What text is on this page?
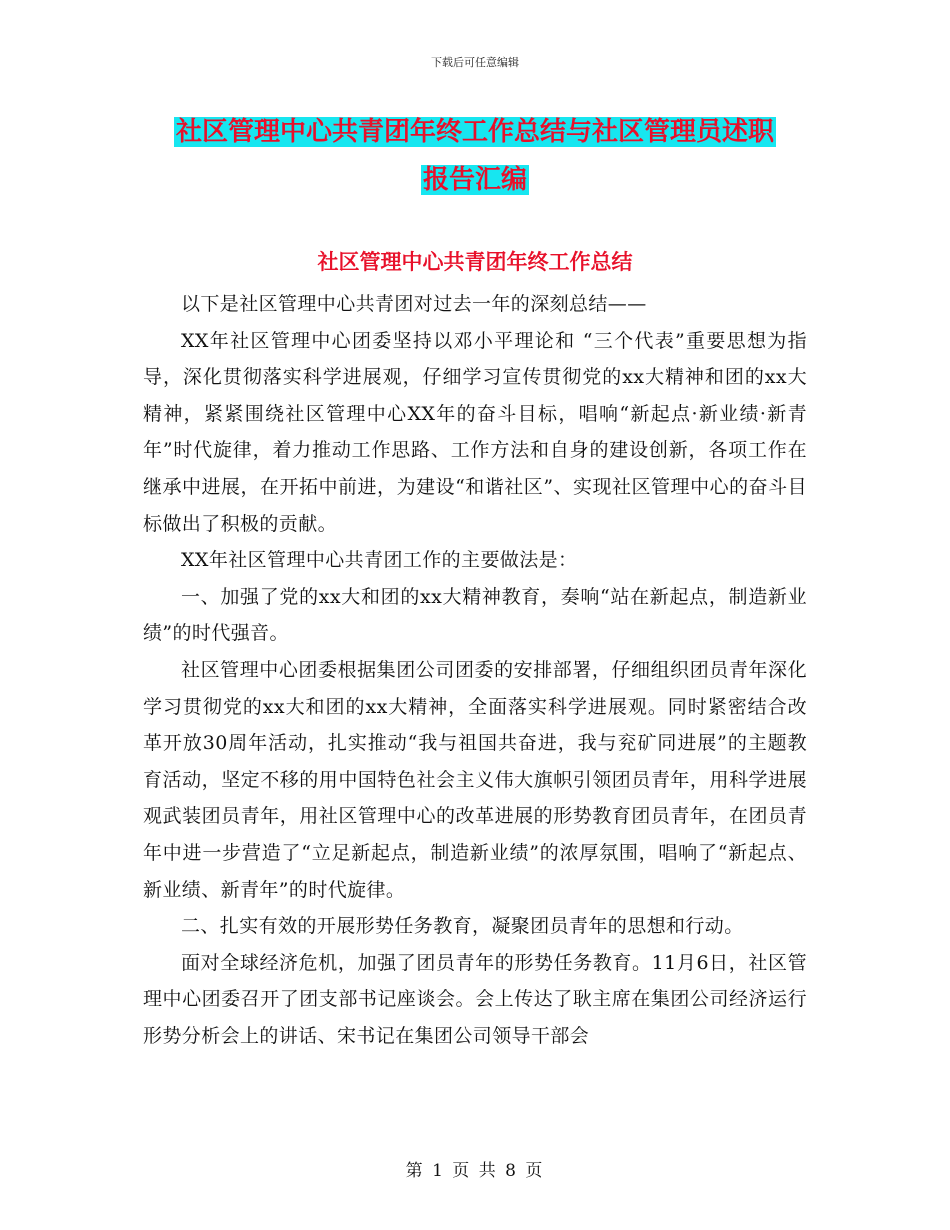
下载后可任意编辑
社区管理中心共青团年终工作总结与社区管理员述职
报告汇编
社区管理中心共青团年终工作总结

以下是社区管理中心共青团对过去一年的深刻总结——

XX年社区管理中心团委坚持以邓小平理论和 “三个代表”重要思想为指导，深化贯彻落实科学进展观，仔细学习宣传贯彻党的xx大精神和团的xx大精神，紧紧围绕社区管理中心XX年的奋斗目标，唱响“新起点·新业绩·新青年”时代旋律，着力推动工作思路、工作方法和自身的建设创新，各项工作在继承中进展，在开拓中前进，为建设“和谐社区”、实现社区管理中心的奋斗目标做出了积极的贡献。

XX年社区管理中心共青团工作的主要做法是：

一、加强了党的xx大和团的xx大精神教育，奏响“站在新起点，制造新业绩”的时代强音。

社区管理中心团委根据集团公司团委的安排部署，仔细组织团员青年深化学习贯彻党的xx大和团的xx大精神，全面落实科学进展观。同时紧密结合改革开放30周年活动，扎实推动“我与祖国共奋进，我与兖矿同进展”的主题教育活动，坚定不移的用中国特色社会主义伟大旗帜引领团员青年，用科学进展观武装团员青年，用社区管理中心的改革进展的形势教育团员青年，在团员青年中进一步营造了“立足新起点，制造新业绩”的浓厚氛围，唱响了“新起点、新业绩、新青年”的时代旋律。

二、扎实有效的开展形势任务教育，凝聚团员青年的思想和行动。

面对全球经济危机，加强了团员青年的形势任务教育。11月6日，社区管理中心团委召开了团支部书记座谈会。会上传达了耿主席在集团公司经济运行形势分析会上的讲话、宋书记在集团公司领导干部会

第 1 页 共 8 页
